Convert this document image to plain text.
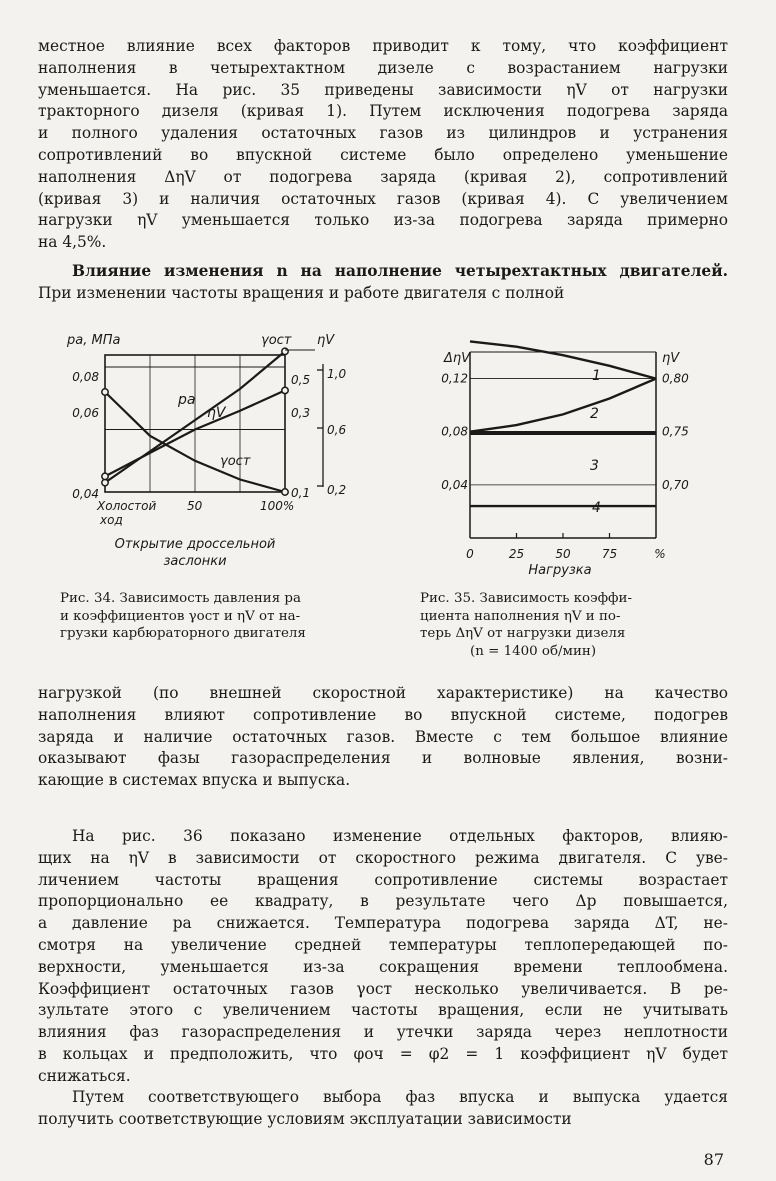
местное влияние всех факторов приводит к тому, что коэффициент
наполнения в четырехтактном дизеле с возрастанием нагрузки
уменьшается. На рис. 35 приведены зависимости ηV от нагрузки
тракторного дизеля (кривая 1). Путем исключения подогрева заряда
и полного удаления остаточных газов из цилиндров и устранения
сопротивлений во впускной системе было определено уменьшение
наполнения ΔηV от подогрева заряда (кривая 2), сопротивлений
(кривая 3) и наличия остаточных газов (кривая 4). С увеличением
нагрузки ηV уменьшается только из-за подогрева заряда примерно
на 4,5%.
Влияние изменения n на наполнение четырехтактных двигателей.
При изменении частоты вращения и работе двигателя с полной
pa
ηV
γост
pa, МПа
0,08
0,06
0,04
γост ηV
0,5
0,3
0,1
1,0
0,6
0,2
Холостой
ход
50	100%
Открытие дроссельной
заслонки
1
2
3
4
ΔηV	ηV
0,12
0,08
0,04
0,80
0,75
0,70
0	25	50	75	%
Нагрузка
Рис. 34. Зависимость давления pa
и коэффициентов γост и ηV от на-
грузки карбюраторного двигателя
Рис. 35. Зависимость коэффи-
циента наполнения ηV и по-
терь ΔηV от нагрузки дизеля
(n = 1400 об/мин)
нагрузкой (по внешней скоростной характеристике) на качество
наполнения влияют сопротивление во впускной системе, подогрев
заряда и наличие остаточных газов. Вместе с тем большое влияние
оказывают фазы газораспределения и волновые явления, возни-
кающие в системах впуска и выпуска.
На рис. 36 показано изменение отдельных факторов, влияю-
щих на ηV в зависимости от скоростного режима двигателя. С уве-
личением частоты вращения сопротивление системы возрастает
пропорционально ее квадрату, в результате чего Δp повышается,
а давление pa снижается. Температура подогрева заряда ΔT, не-
смотря на увеличение средней температуры теплопередающей по-
верхности, уменьшается из-за сокращения времени теплообмена.
Коэффициент остаточных газов γост несколько увеличивается. В ре-
зультате этого с увеличением частоты вращения, если не учитывать
влияния фаз газораспределения и утечки заряда через неплотности
в кольцах и предположить, что φоч = φ2 = 1 коэффициент ηV будет
снижаться.
Путем соответствующего выбора фаз впуска и выпуска удается
получить соответствующие условиям эксплуатации зависимости
87
